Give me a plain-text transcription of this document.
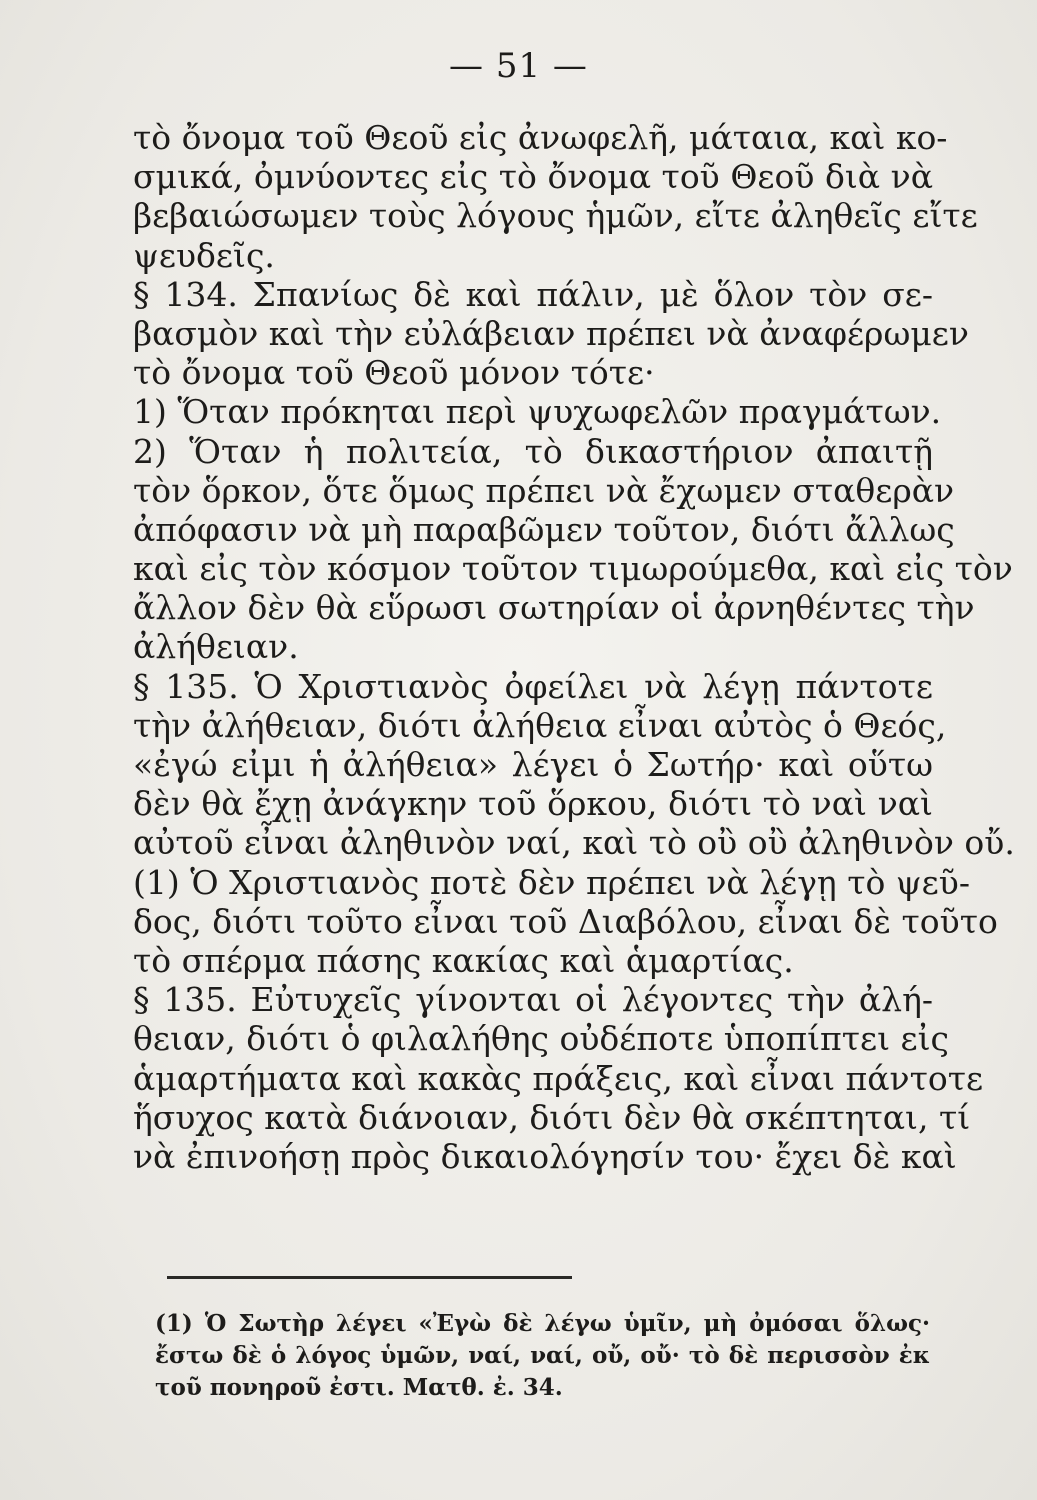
— 51 —
τὸ ὄνομα τοῦ Θεοῦ εἰς ἀνωφελῆ, μάταια, καὶ κο-
σμικά, ὀμνύοντες εἰς τὸ ὄνομα τοῦ Θεοῦ διὰ νὰ
βεβαιώσωμεν τοὺς λόγους ἡμῶν, εἴτε ἀληθεῖς εἴτε
ψευδεῖς.
§ 134. Σπανίως δὲ καὶ πάλιν, μὲ ὅλον τὸν σε-
βασμὸν καὶ τὴν εὐλάβειαν πρέπει νὰ ἀναφέρωμεν
τὸ ὄνομα τοῦ Θεοῦ μόνον τότε·
1) Ὅταν πρόκηται περὶ ψυχωφελῶν πραγμάτων.
2) Ὅταν ἡ πολιτεία, τὸ δικαστήριον ἀπαιτῇ
τὸν ὅρκον, ὅτε ὅμως πρέπει νὰ ἔχωμεν σταθερὰν
ἀπόφασιν νὰ μὴ παραβῶμεν τοῦτον, διότι ἄλλως
καὶ εἰς τὸν κόσμον τοῦτον τιμωρούμεθα, καὶ εἰς τὸν
ἄλλον δὲν θὰ εὕρωσι σωτηρίαν οἱ ἀρνηθέντες τὴν
ἀλήθειαν.
§ 135. Ὁ Χριστιανὸς ὀφείλει νὰ λέγῃ πάντοτε
τὴν ἀλήθειαν, διότι ἀλήθεια εἶναι αὐτὸς ὁ Θεός,
«ἐγώ εἰμι ἡ ἀλήθεια» λέγει ὁ Σωτήρ· καὶ οὕτω
δὲν θὰ ἔχῃ ἀνάγκην τοῦ ὅρκου, διότι τὸ ναὶ ναὶ
αὐτοῦ εἶναι ἀληθινὸν ναί, καὶ τὸ οὒ οὒ ἀληθινὸν οὔ.
(1) Ὁ Χριστιανὸς ποτὲ δὲν πρέπει νὰ λέγῃ τὸ ψεῦ-
δος, διότι τοῦτο εἶναι τοῦ Διαβόλου, εἶναι δὲ τοῦτο
τὸ σπέρμα πάσης κακίας καὶ ἁμαρτίας.
§ 135. Εὐτυχεῖς γίνονται οἱ λέγοντες τὴν ἀλή-
θειαν, διότι ὁ φιλαλήθης οὐδέποτε ὑποπίπτει εἰς
ἁμαρτήματα καὶ κακὰς πράξεις, καὶ εἶναι πάντοτε
ἥσυχος κατὰ διάνοιαν, διότι δὲν θὰ σκέπτηται, τί
νὰ ἐπινοήσῃ πρὸς δικαιολόγησίν του· ἔχει δὲ καὶ
(1) Ὁ Σωτὴρ λέγει «Ἐγὼ δὲ λέγω ὑμῖν, μὴ ὀμόσαι ὅλως·
ἔστω δὲ ὁ λόγος ὑμῶν, ναί, ναί, οὔ, οὔ· τὸ δὲ περισσὸν ἐκ
τοῦ πονηροῦ ἐστι. Ματθ. ἐ. 34.
